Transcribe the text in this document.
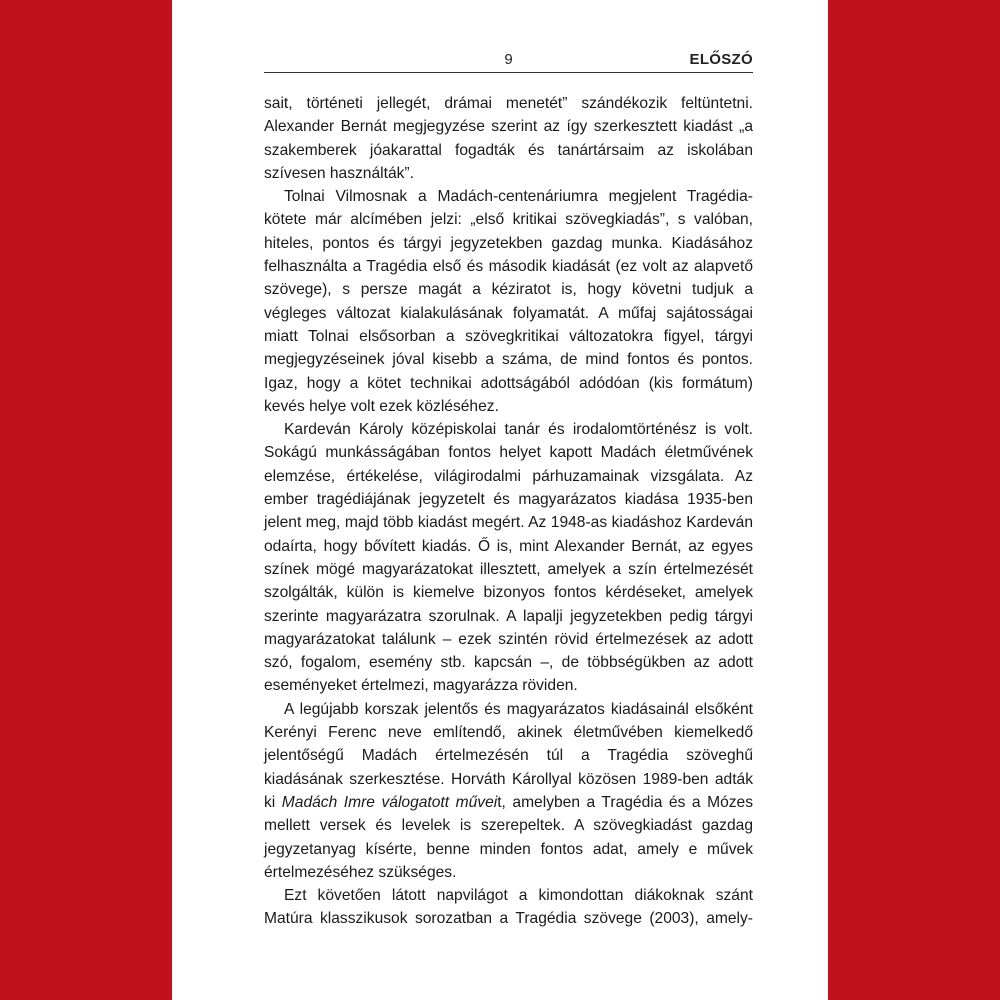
9	ELŐSZÓ

sait, történeti jellegét, drámai menetét” szándékozik feltüntetni. Alexander Bernát megjegyzése szerint az így szerkesztett kiadást „a szakemberek jóakarattal fogadták és tanártársaim az iskolában szívesen használták”.

Tolnai Vilmosnak a Madách-centenáriumra megjelent Tragédia-kötete már alcímében jelzi: „első kritikai szövegkiadás”, s valóban, hiteles, pontos és tárgyi jegyzetekben gazdag munka. Kiadásához felhasználta a Tragédia első és második kiadását (ez volt az alapvető szövege), s persze magát a kéziratot is, hogy követni tudjuk a végleges változat kialakulásának folyamatát. A műfaj sajátosságai miatt Tolnai elsősorban a szövegkritikai változatokra figyel, tárgyi megjegyzéseinek jóval kisebb a száma, de mind fontos és pontos. Igaz, hogy a kötet technikai adottságából adódóan (kis formátum) kevés helye volt ezek közléséhez.

Kardeván Károly középiskolai tanár és irodalomtörténész is volt. Sokágú munkásságában fontos helyet kapott Madách életművének elemzése, értékelése, világirodalmi párhuzamainak vizsgálata. Az ember tragédiájának jegyzetelt és magyarázatos kiadása 1935-ben jelent meg, majd több kiadást megért. Az 1948-as kiadáshoz Kardeván odaírta, hogy bővített kiadás. Ő is, mint Alexander Bernát, az egyes színek mögé magyarázatokat illesztett, amelyek a szín értelmezését szolgálták, külön is kiemelve bizonyos fontos kérdéseket, amelyek szerinte magyarázatra szorulnak. A lapalji jegyzetekben pedig tárgyi magyarázatokat találunk – ezek szintén rövid értelmezések az adott szó, fogalom, esemény stb. kapcsán –, de többségükben az adott eseményeket értelmezi, magyarázza röviden.

A legújabb korszak jelentős és magyarázatos kiadásainál elsőként Kerényi Ferenc neve említendő, akinek életművében kiemelkedő jelentőségű Madách értelmezésén túl a Tragédia szöveghű kiadásának szerkesztése. Horváth Károllyal közösen 1989-ben adták ki Madách Imre válogatott műveit, amelyben a Tragédia és a Mózes mellett versek és levelek is szerepeltek. A szövegkiadást gazdag jegyzetanyag kísérte, benne minden fontos adat, amely e művek értelmezéséhez szükséges.

Ezt követően látott napvilágot a kimondottan diákoknak szánt Matúra klasszikusok sorozatban a Tragédia szövege (2003), amely-
